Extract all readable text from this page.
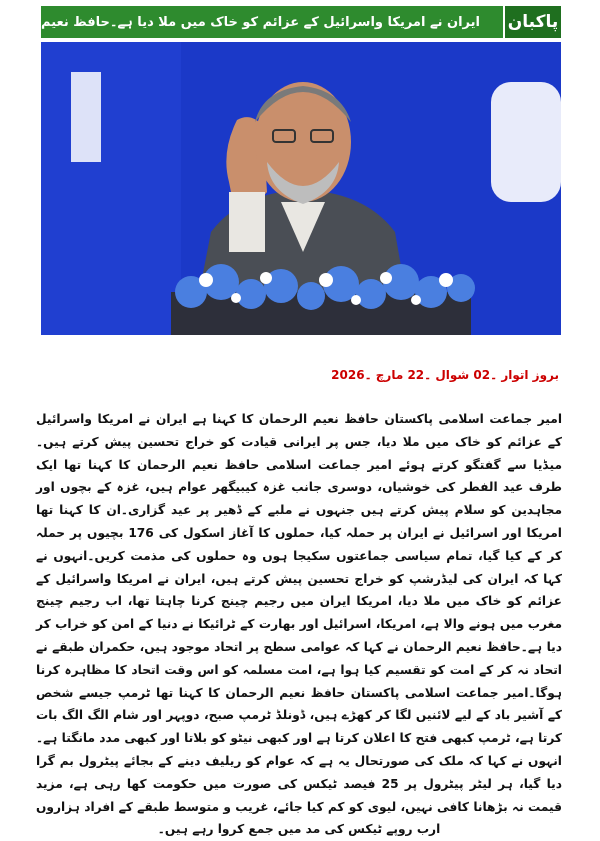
ایران نے امریکا واسرائیل کے عزائم کو خاک میں ملا دیا ہے۔حافظ نعیم	پاکبان
بروز اتوار ۔02 شوال ۔22 مارچ ۔2026
امیر جماعت اسلامی پاکستان حافظ نعیم الرحمان کا کہنا ہے ایران نے امریکا واسرائیل کے عزائم کو خاک میں ملا دیا، جس پر ایرانی قیادت کو خراج تحسین پیش کرتے ہیں۔میڈیا سے گفتگو کرتے ہوئے امیر جماعت اسلامی حافظ نعیم الرحمان کا کہنا تھا ایک طرف عید الفطر کی خوشیاں، دوسری جانب غزہ کیبیگھر عوام ہیں، غزہ کے بچوں اور مجاہدین کو سلام پیش کرتے ہیں جنہوں نے ملبے کے ڈھیر پر عید گزاری۔ان کا کہنا تھا امریکا اور اسرائیل نے ایران پر حملہ کیا، حملوں کا آغاز اسکول کی 176 بچیوں پر حملہ کر کے کیا گیا، تمام سیاسی جماعتوں سکیجا ہوں وہ حملوں کی مذمت کریں۔انہوں نے کہا کہ ایران کی لیڈرشپ کو خراج تحسین پیش کرتے ہیں، ایران نے امریکا واسرائیل کے عزائم کو خاک میں ملا دیا، امریکا ایران میں رجیم چینج کرنا چاہتا تھا، اب رجیم چینج مغرب میں ہونے والا ہے، امریکا، اسرائیل اور بھارت کے ٹرائیکا نے دنیا کے امن کو خراب کر دیا ہے۔حافظ نعیم الرحمان نے کہا کہ عوامی سطح پر اتحاد موجود ہیں، حکمران طبقے نے اتحاد نہ کر کے امت کو تقسیم کیا ہوا ہے، امت مسلمہ کو اس وقت اتحاد کا مظاہرہ کرنا ہوگا۔امیر جماعت اسلامی پاکستان حافظ نعیم الرحمان کا کہنا تھا ٹرمپ جیسے شخص کے آشیر باد کے لیے لائنیں لگا کر کھڑے ہیں، ڈونلڈ ٹرمپ صبح، دوپہر اور شام الگ الگ بات کرتا ہے، ٹرمپ کبھی فتح کا اعلان کرتا ہے اور کبھی نیٹو کو بلاتا اور کبھی مدد مانگتا ہے۔انہوں نے کہا کہ ملک کی صورتحال یہ ہے کہ عوام کو ریلیف دینے کے بجائے پیٹرول بم گرا دیا گیا، ہر لیٹر پیٹرول پر 25 فیصد ٹیکس کی صورت میں حکومت کھا رہی ہے، مزید قیمت نہ بڑھانا کافی نہیں، لیوی کو کم کیا جائے، غریب و متوسط طبقے کے افراد ہزاروں ارب روپے ٹیکس کی مد میں جمع کروا رہے ہیں۔
